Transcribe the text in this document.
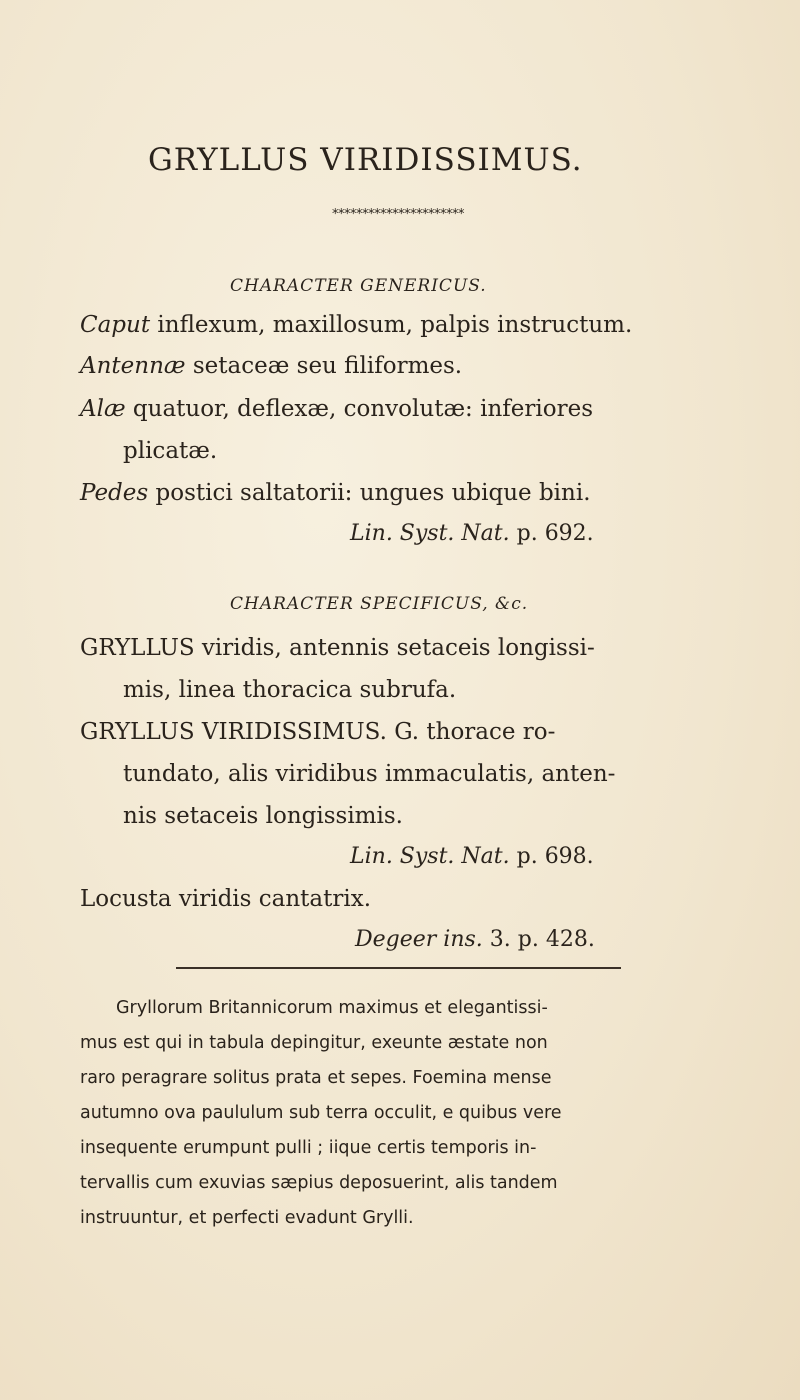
GRYLLUS VIRIDISSIMUS.
**********************
CHARACTER GENERICUS.
Caput inflexum, maxillosum, palpis instructum.
Antennæ setaceæ seu filiformes.
Alæ quatuor, deflexæ, convolutæ: inferiores
plicatæ.
Pedes postici saltatorii: ungues ubique bini.
Lin. Syst. Nat. p. 692.
CHARACTER SPECIFICUS, &c.
GRYLLUS viridis, antennis setaceis longissi-
mis, linea thoracica subrufa.
GRYLLUS VIRIDISSIMUS. G. thorace ro-
tundato, alis viridibus immaculatis, anten-
nis setaceis longissimis.
Lin. Syst. Nat. p. 698.
Locusta viridis cantatrix.
Degeer ins. 3. p. 428.
Gryllorum Britannicorum maximus et elegantissi-
mus est qui in tabula depingitur, exeunte æstate non
raro peragrare solitus prata et sepes. Foemina mense
autumno ova paululum sub terra occulit, e quibus vere
insequente erumpunt pulli ; iique certis temporis in-
tervallis cum exuvias sæpius deposuerint, alis tandem
instruuntur, et perfecti evadunt Grylli.
